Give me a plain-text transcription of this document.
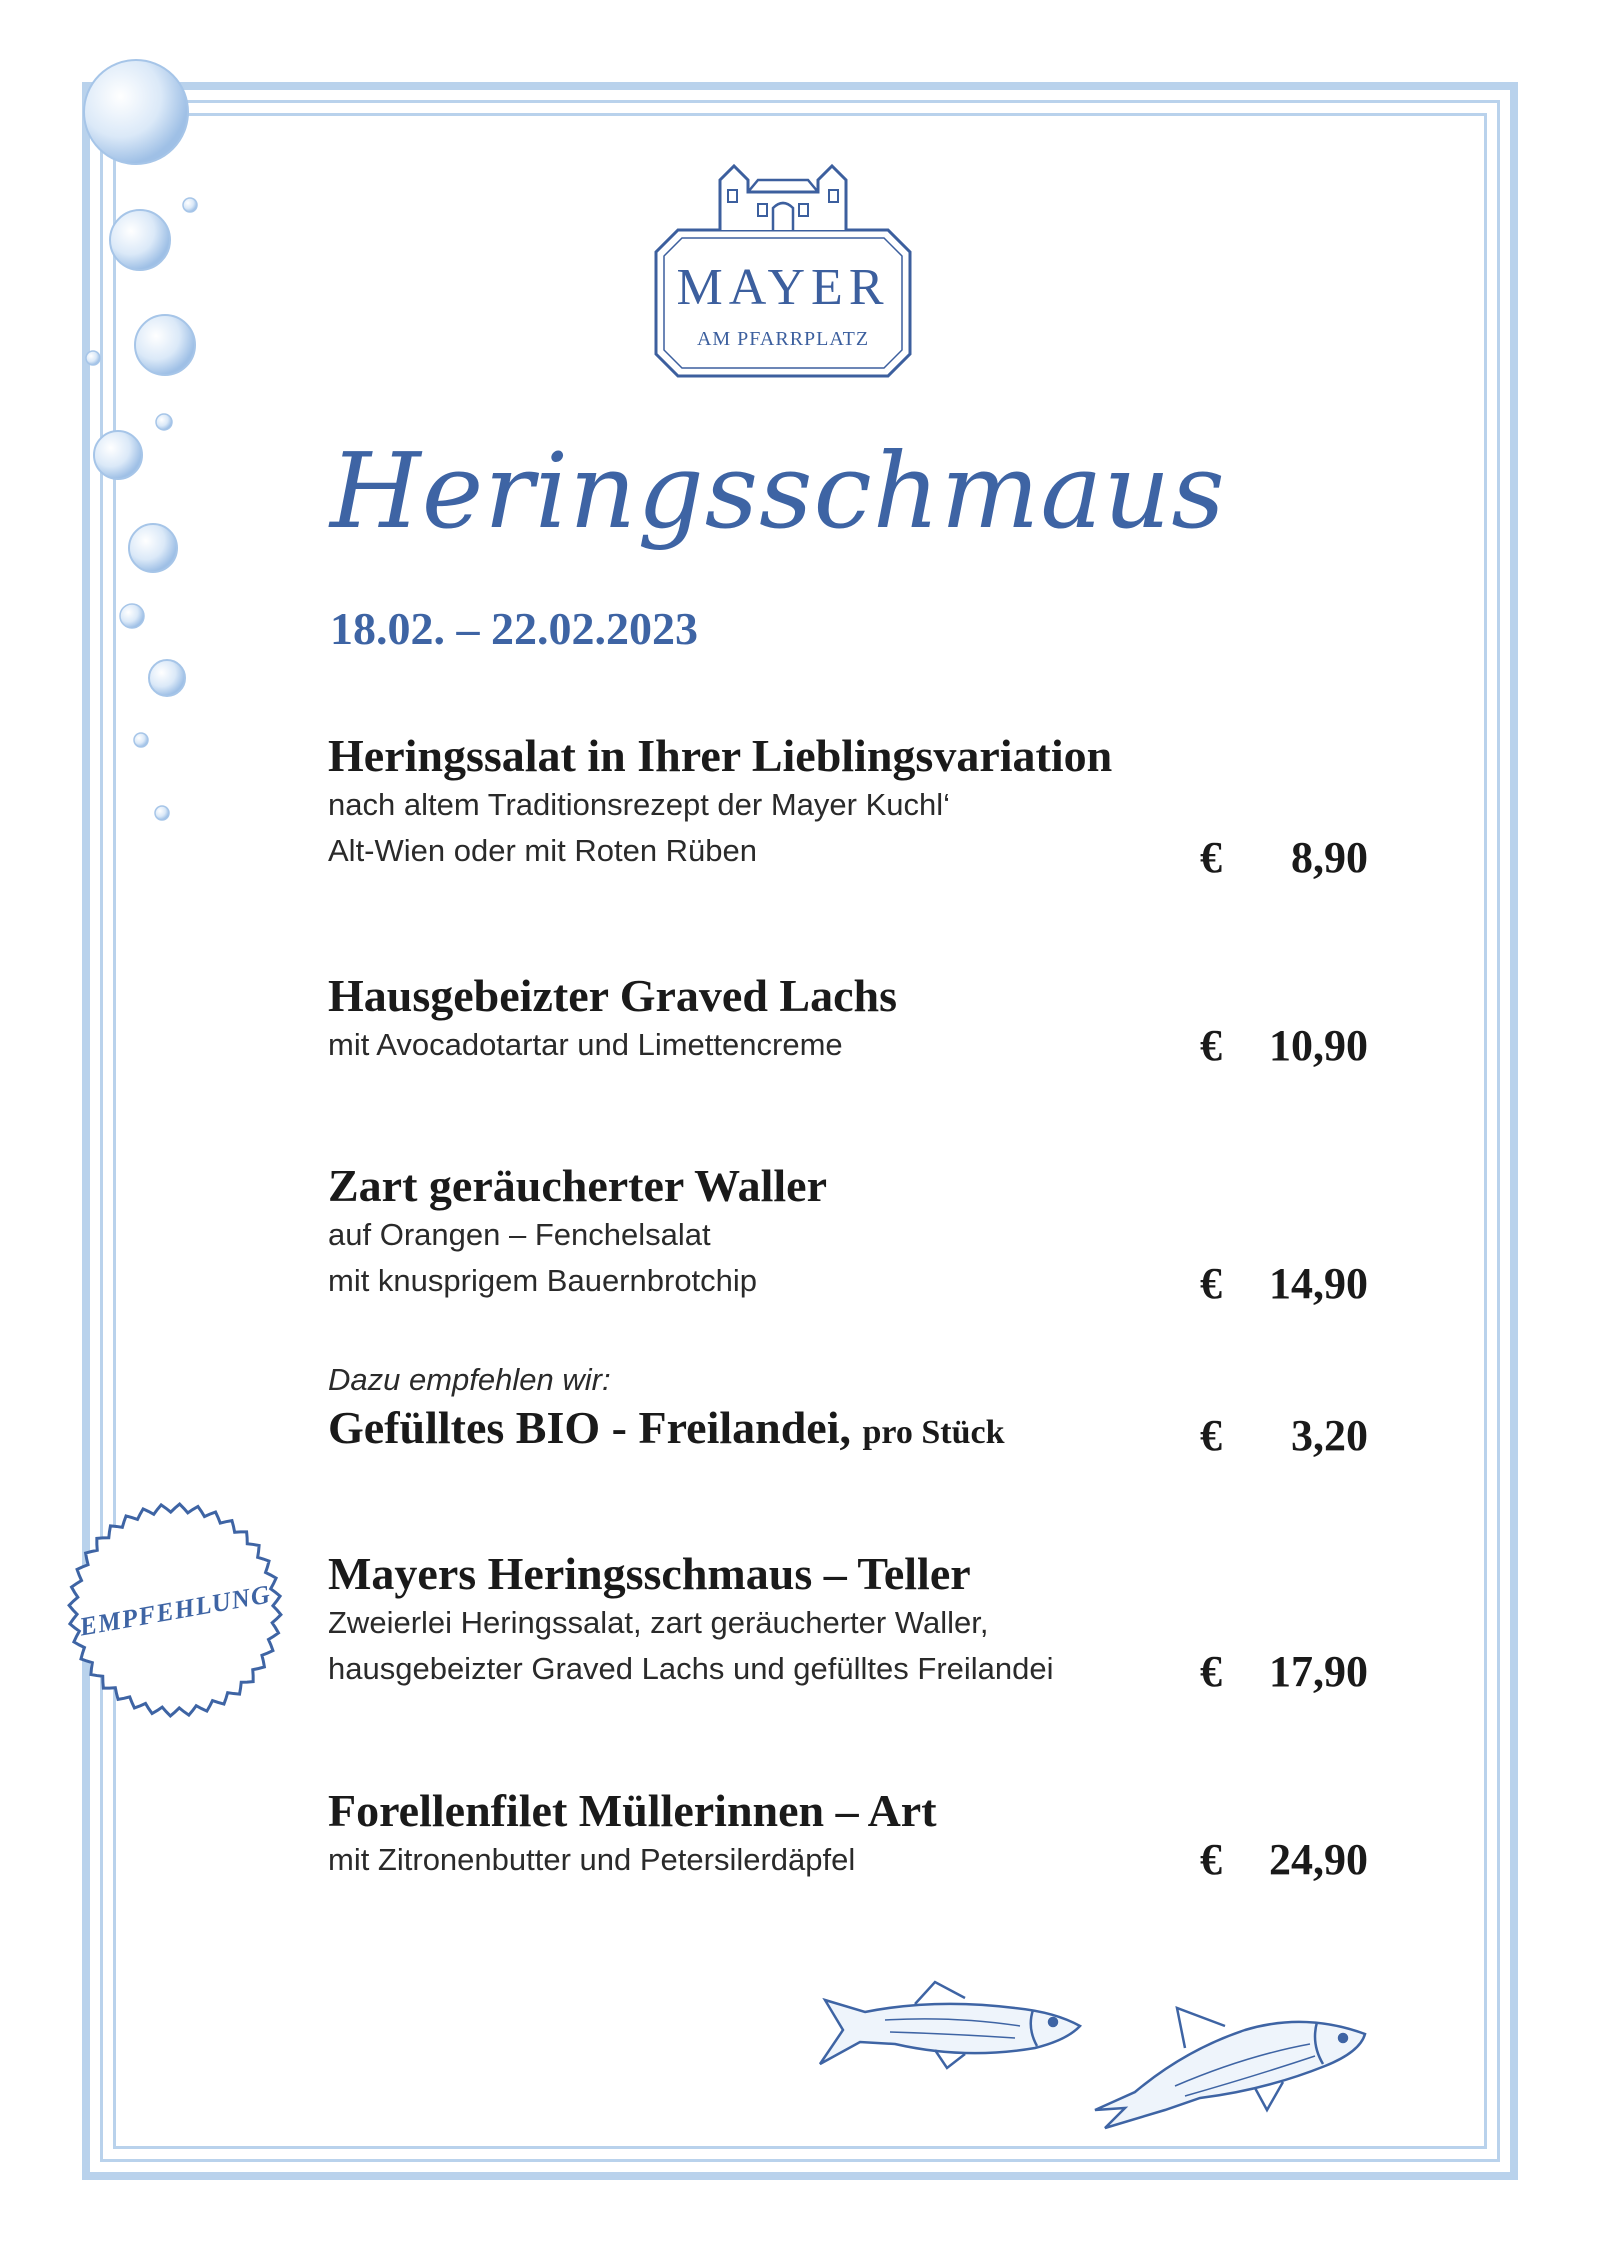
MAYER
AM PFARRPLATZ
Heringsschmaus
18.02. – 22.02.2023
Heringssalat in Ihrer Lieblingsvariation
nach altem Traditionsrezept der Mayer Kuchl‘
Alt-Wien oder mit Roten Rüben	€ 8,90
Hausgebeizter Graved Lachs
mit Avocadotartar und Limettencreme	€ 10,90
Zart geräucherter Waller
auf Orangen – Fenchelsalat
mit knusprigem Bauernbrotchip	€ 14,90
Dazu empfehlen wir:
Gefülltes BIO - Freilandei, pro Stück	€ 3,20
Mayers Heringsschmaus – Teller
Zweierlei Heringssalat, zart geräucherter Waller,
hausgebeizter Graved Lachs und gefülltes Freilandei	€ 17,90
Forellenfilet Müllerinnen – Art
mit Zitronenbutter und Petersilerdäpfel	€ 24,90
EMPFEHLUNG
